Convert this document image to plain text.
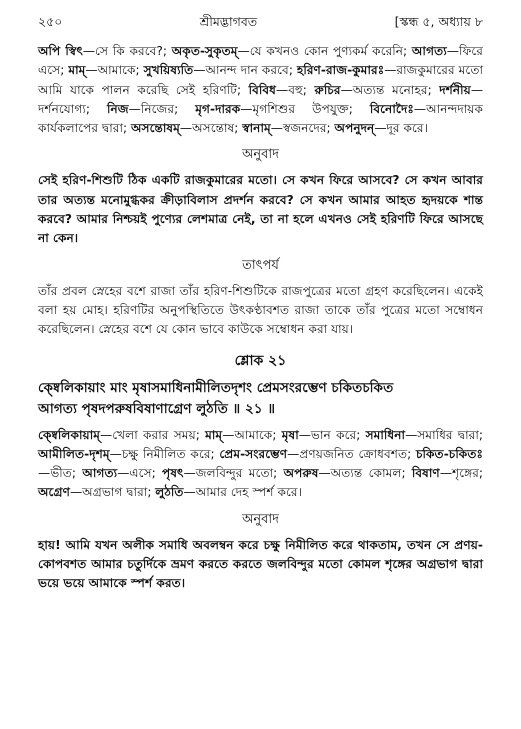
২৫০	শ্রীমদ্ভাগবত	[স্কন্ধ ৫, অধ্যায় ৮

অপি স্বিৎ—সে কি করবে?; অকৃত-সুকৃতম্—যে কখনও কোন পুণ্যকর্ম করেনি; আগত্য—ফিরে এসে; মাম্—আমাকে; সুখয়িষ্যতি—আনন্দ দান করবে; হরিণ-রাজ-কুমারঃ—রাজকুমারের মতো আমি যাকে পালন করেছি সেই হরিণটি; বিবিধ—বহু; রুচির—অত্যন্ত মনোহর; দর্শনীয়—দর্শনযোগ্য; নিজ—নিজের; মৃগ-দারক—মৃগশিশুর উপযুক্ত; বিনোদৈঃ—আনন্দদায়ক কার্যকলাপের দ্বারা; অসন্তোষম্—অসন্তোষ; স্বানাম্—স্বজনদের; অপনুদন্—দূর করে।

অনুবাদ

সেই হরিণ-শিশুটি ঠিক একটি রাজকুমারের মতো। সে কখন ফিরে আসবে? সে কখন আবার তার অত্যন্ত মনোমুগ্ধকর ক্রীড়াবিলাস প্রদর্শন করবে? সে কখন আমার আহত হৃদয়কে শান্ত করবে? আমার নিশ্চয়ই পুণ্যের লেশমাত্র নেই, তা না হলে এখনও সেই হরিণটি ফিরে আসছে না কেন।

তাৎপর্য

তাঁর প্রবল স্নেহের বশে রাজা তাঁর হরিণ-শিশুটিকে রাজপুত্রের মতো গ্রহণ করেছিলেন। একেই বলা হয় মোহ। হরিণটির অনুপস্থিতিতে উৎকণ্ঠাবশত রাজা তাকে তাঁর পুত্রের মতো সম্বোধন করেছিলেন। স্নেহের বশে যে কোন ভাবে কাউকে সম্বোধন করা যায়।

শ্লোক ২১

ক্ষ্বেলিকায়াং মাং মৃষাসমাধিনামীলিতদৃশং প্রেমসংরম্ভেণ চকিতচকিত

আগত্য পৃষদপরুষবিষাণাগ্রেণ লুঠতি ॥ ২১ ॥

ক্ষ্বেলিকায়াম্—খেলা করার সময়; মাম্—আমাকে; মৃষা—ভান করে; সমাধিনা—সমাধির দ্বারা; আমীলিত-দৃশম্—চক্ষু নিমীলিত করে; প্রেম-সংরম্ভেণ—প্রণয়জনিত ক্রোধবশত; চকিত-চকিতঃ—ভীত; আগত্য—এসে; পৃষৎ—জলবিন্দুর মতো; অপরুষ—অত্যন্ত কোমল; বিষাণ—শৃঙ্গের; অগ্রেণ—অগ্রভাগ দ্বারা; লুঠতি—আমার দেহ স্পর্শ করে।

অনুবাদ

হায়! আমি যখন অলীক সমাধি অবলম্বন করে চক্ষু নিমীলিত করে থাকতাম, তখন সে প্রণয়-কোপবশত আমার চতুর্দিকে ভ্রমণ করতে করতে জলবিন্দুর মতো কোমল শৃঙ্গের অগ্রভাগ দ্বারা ভয়ে ভয়ে আমাকে স্পর্শ করত।
